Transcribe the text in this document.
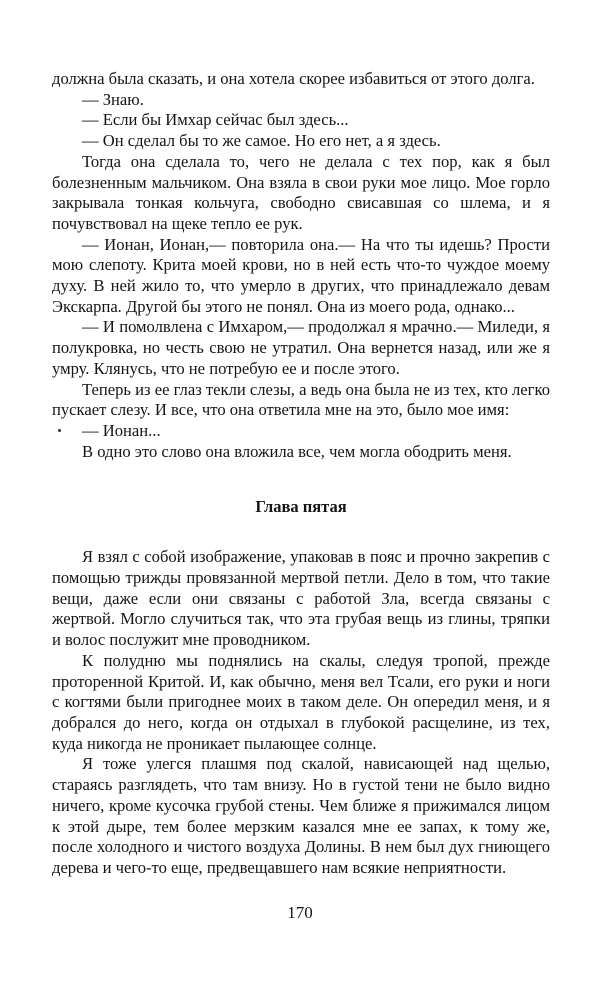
должна была сказать, и она хотела скорее избавиться от этого долга.

— Знаю.

— Если бы Имхар сейчас был здесь...

— Он сделал бы то же самое. Но его нет, а я здесь.

Тогда она сделала то, чего не делала с тех пор, как я был болезненным мальчиком. Она взяла в свои руки мое лицо. Мое горло закрывала тонкая кольчуга, свободно свисавшая со шлема, и я почувствовал на щеке тепло ее рук.

— Ионан, Ионан,— повторила она.— На что ты идешь? Прости мою слепоту. Крита моей крови, но в ней есть что-то чуждое моему духу. В ней жило то, что умерло в других, что принадлежало девам Экскарпа. Другой бы этого не понял. Она из моего рода, однако...

— И помолвлена с Имхаром,— продолжал я мрачно.— Миледи, я полукровка, но честь свою не утратил. Она вернется назад, или же я умру. Клянусь, что не потребую ее и после этого.

Теперь из ее глаз текли слезы, а ведь она была не из тех, кто легко пускает слезу. И все, что она ответила мне на это, было мое имя:

— Ионан...

В одно это слово она вложила все, чем могла ободрить меня.

Глава пятая

Я взял с собой изображение, упаковав в пояс и прочно закрепив с помощью трижды провязанной мертвой петли. Дело в том, что такие вещи, даже если они связаны с работой Зла, всегда связаны с жертвой. Могло случиться так, что эта грубая вещь из глины, тряпки и волос послужит мне проводником.

К полудню мы поднялись на скалы, следуя тропой, прежде проторенной Критой. И, как обычно, меня вел Тсали, его руки и ноги с когтями были пригоднее моих в таком деле. Он опередил меня, и я добрался до него, когда он отдыхал в глубокой расщелине, из тех, куда никогда не проникает пылающее солнце.

Я тоже улегся плашмя под скалой, нависающей над щелью, стараясь разглядеть, что там внизу. Но в густой тени не было видно ничего, кроме кусочка грубой стены. Чем ближе я прижимался лицом к этой дыре, тем более мерзким казался мне ее запах, к тому же, после холодного и чистого воздуха Долины. В нем был дух гниющего дерева и чего-то еще, предвещавшего нам всякие неприятности.

170
